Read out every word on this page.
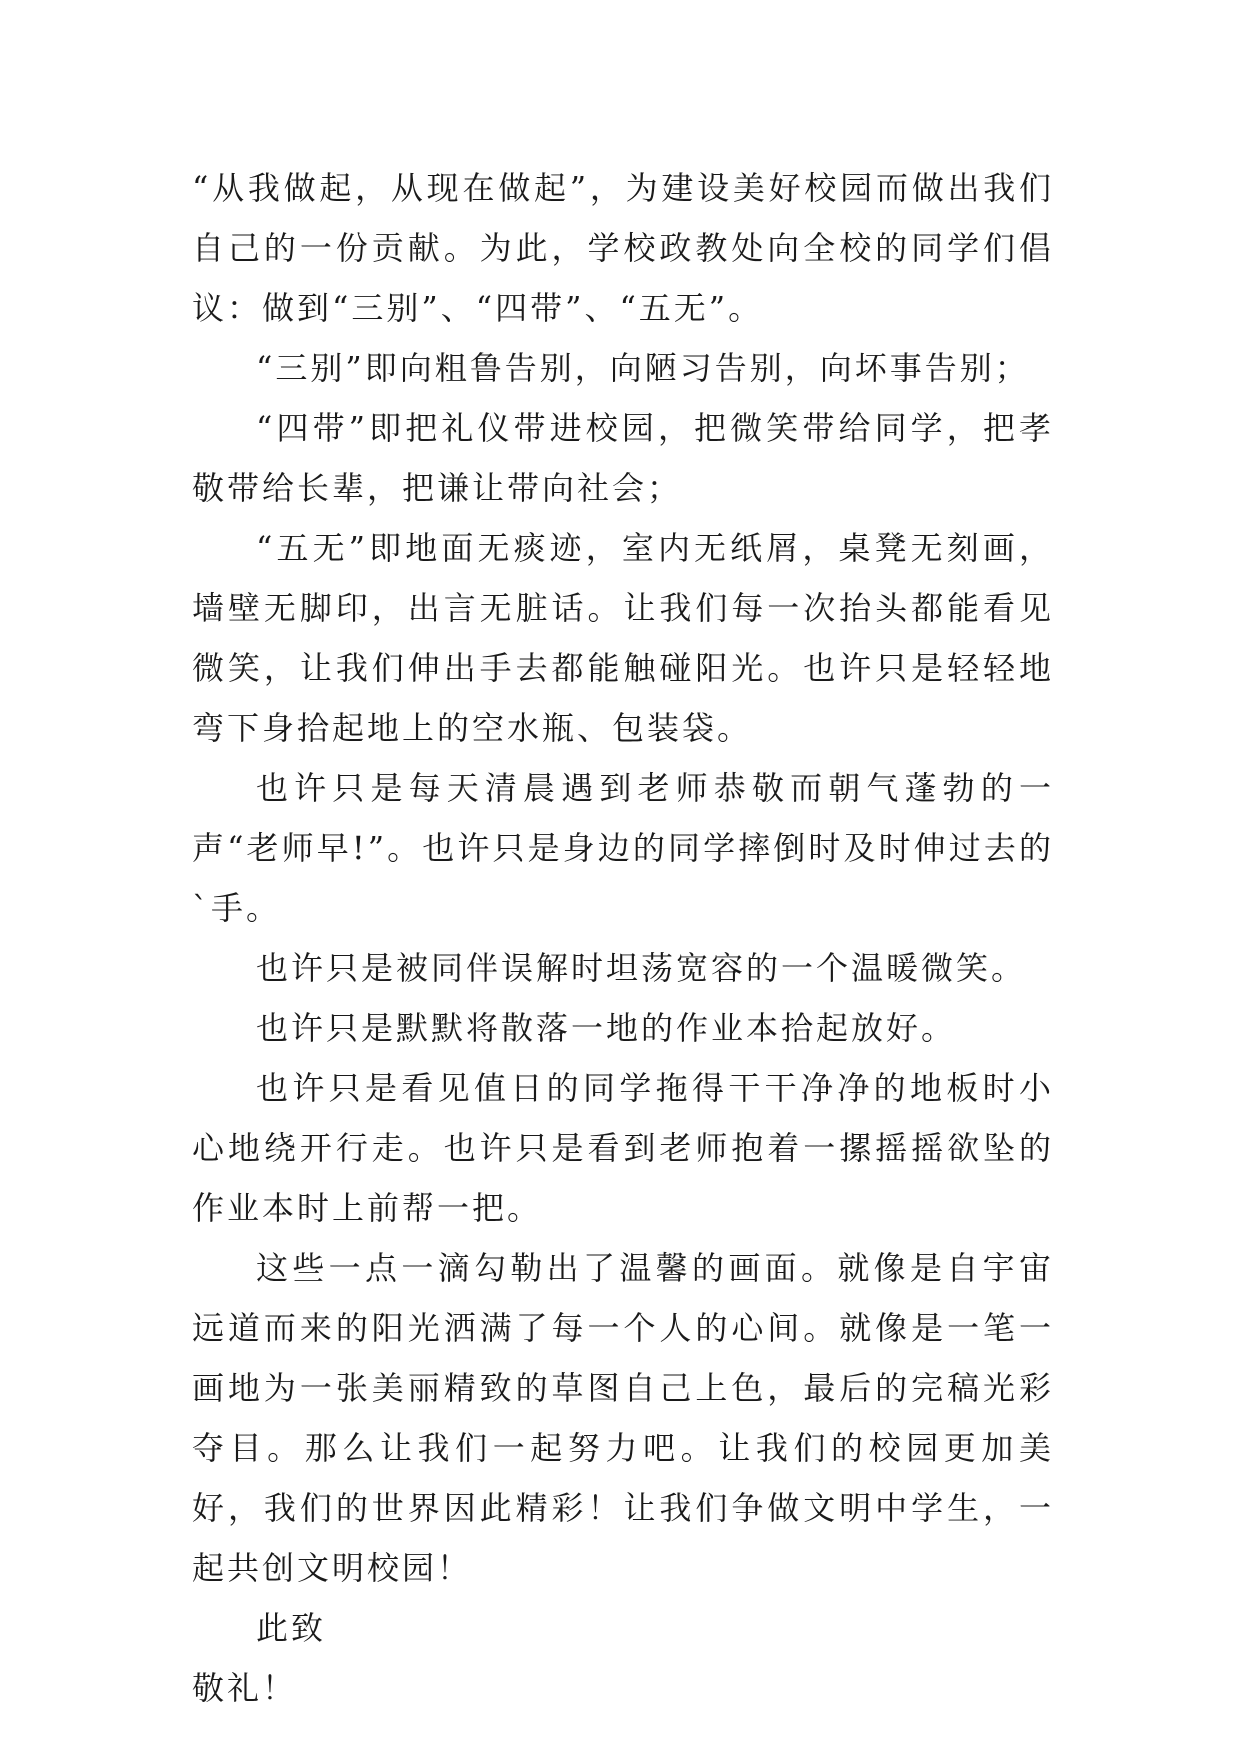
“从我做起，从现在做起”，为建设美好校园而做出我们自己的一份贡献。为此，学校政教处向全校的同学们倡议：做到“三别”、“四带”、“五无”。

“三别”即向粗鲁告别，向陋习告别，向坏事告别；

“四带”即把礼仪带进校园，把微笑带给同学，把孝敬带给长辈，把谦让带向社会；

“五无”即地面无痰迹，室内无纸屑，桌凳无刻画，墙壁无脚印，出言无脏话。让我们每一次抬头都能看见微笑，让我们伸出手去都能触碰阳光。也许只是轻轻地弯下身拾起地上的空水瓶、包装袋。

也许只是每天清晨遇到老师恭敬而朝气蓬勃的一声“老师早!”。也许只是身边的同学摔倒时及时伸过去的`手。

也许只是被同伴误解时坦荡宽容的一个温暖微笑。

也许只是默默将散落一地的作业本拾起放好。

也许只是看见值日的同学拖得干干净净的地板时小心地绕开行走。也许只是看到老师抱着一摞摇摇欲坠的作业本时上前帮一把。

这些一点一滴勾勒出了温馨的画面。就像是自宇宙远道而来的阳光洒满了每一个人的心间。就像是一笔一画地为一张美丽精致的草图自己上色，最后的完稿光彩夺目。那么让我们一起努力吧。让我们的校园更加美好，我们的世界因此精彩！让我们争做文明中学生，一起共创文明校园！

此致

敬礼！
